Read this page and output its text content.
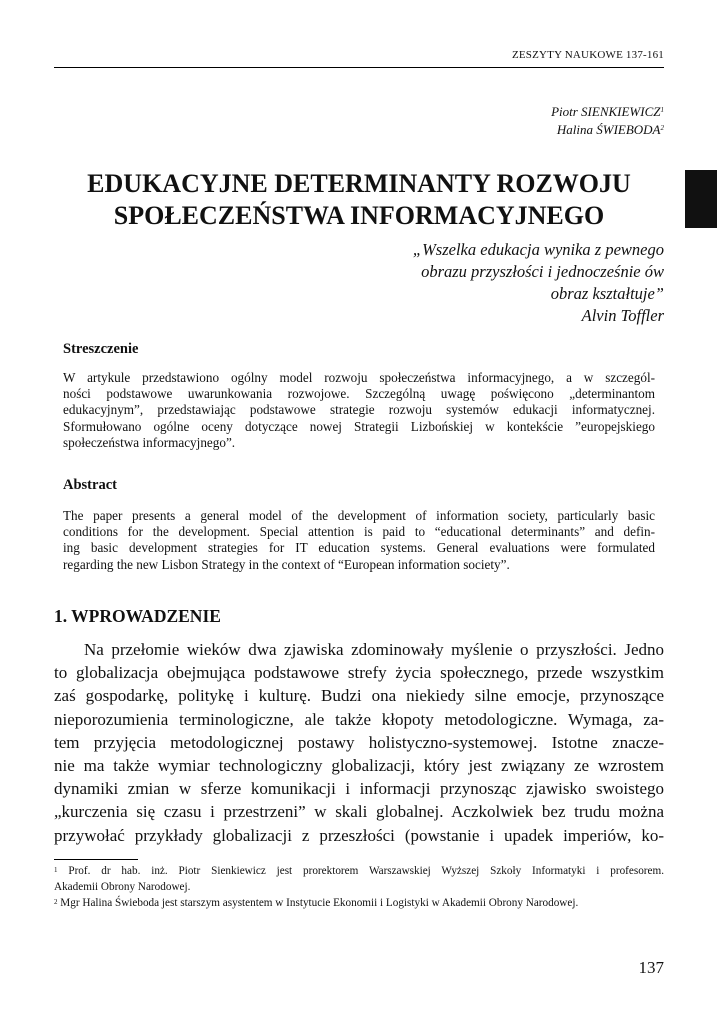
ZESZYTY NAUKOWE 137-161
Piotr SIENKIEWICZ$^1$
Halina ŚWIEBODA$^2$
EDUKACYJNE DETERMINANTY ROZWOJU
SPOŁECZEŃSTWA INFORMACYJNEGO
„Wszelka edukacja wynika z pewnego
obrazu przyszłości i jednocześnie ów
obraz kształtuje”
Alvin Toffler
Streszczenie
W artykule przedstawiono ogólny model rozwoju społeczeństwa informacyjnego, a w szczegól-
ności podstawowe uwarunkowania rozwojowe. Szczególną uwagę poświęcono „determinantom
edukacyjnym”, przedstawiając podstawowe strategie rozwoju systemów edukacji informatycznej.
Sformułowano ogólne oceny dotyczące nowej Strategii Lizbońskiej w kontekście ”europejskiego
społeczeństwa informacyjnego”.
Abstract
The paper presents a general model of the development of information society, particularly basic
conditions for the development. Special attention is paid to “educational determinants” and defin-
ing basic development strategies for IT education systems. General evaluations were formulated
regarding the new Lisbon Strategy in the context of “European information society”.
1. WPROWADZENIE
Na przełomie wieków dwa zjawiska zdominowały myślenie o przyszłości. Jedno
to globalizacja obejmująca podstawowe strefy życia społecznego, przede wszystkim
zaś gospodarkę, politykę i kulturę. Budzi ona niekiedy silne emocje, przynoszące
nieporozumienia terminologiczne, ale także kłopoty metodologiczne. Wymaga, za-
tem przyjęcia metodologicznej postawy holistyczno-systemowej. Istotne znacze-
nie ma także wymiar technologiczny globalizacji, który jest związany ze wzrostem
dynamiki zmian w sferze komunikacji i informacji przynosząc zjawisko swoistego
„kurczenia się czasu i przestrzeni” w skali globalnej. Aczkolwiek bez trudu można
przywołać przykłady globalizacji z przeszłości (powstanie i upadek imperiów, ko-
$^1$ Prof. dr hab. inż. Piotr Sienkiewicz jest prorektorem Warszawskiej Wyższej Szkoły Informatyki i profesorem.
Akademii Obrony Narodowej.
$^2$ Mgr Halina Świeboda jest starszym asystentem w Instytucie Ekonomii i Logistyki w Akademii Obrony Narodowej.
137
